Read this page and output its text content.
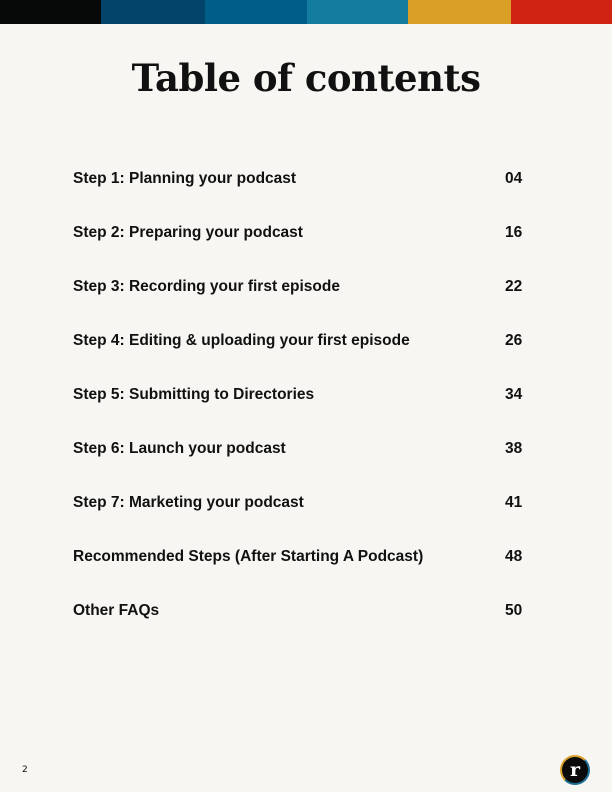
Table of contents
Step 1: Planning your podcast	04
Step 2: Preparing your podcast	16
Step 3: Recording your first episode	22
Step 4: Editing & uploading your first episode	26
Step 5: Submitting to Directories	34
Step 6: Launch your podcast	38
Step 7: Marketing your podcast	41
Recommended Steps (After Starting A Podcast)	48
Other FAQs	50
2	r
